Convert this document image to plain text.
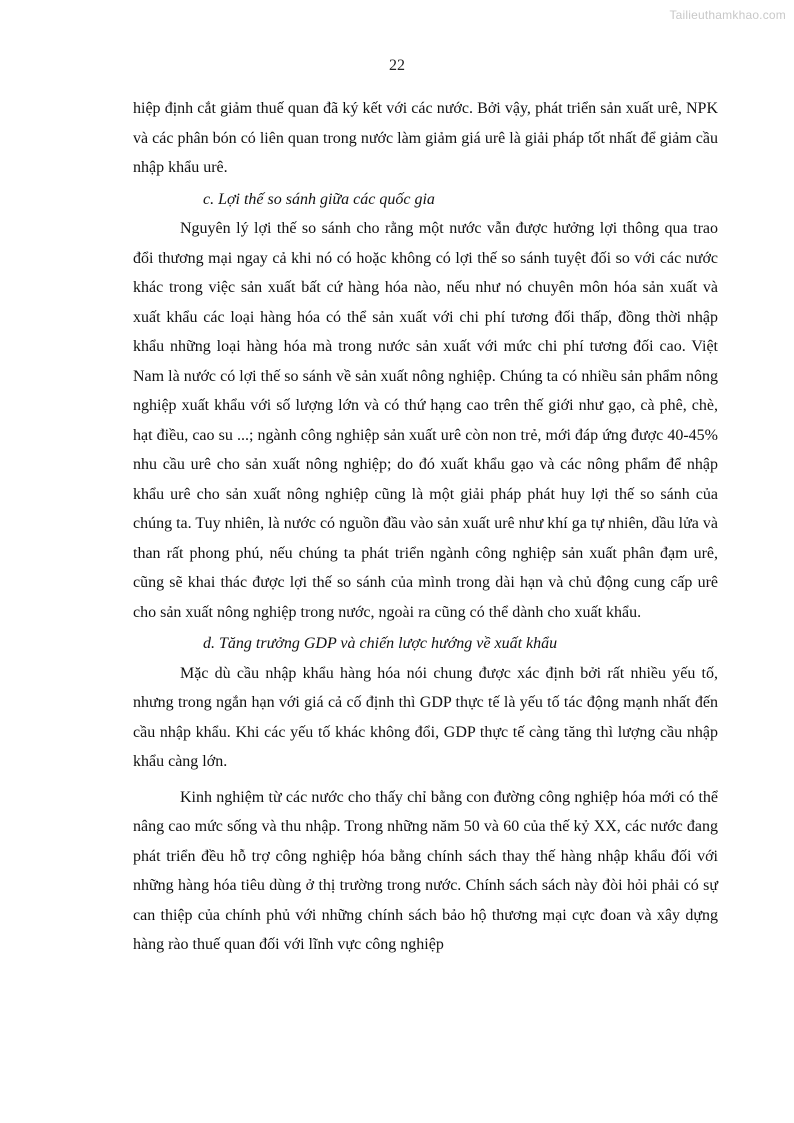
Tailieuthamkhao.com
22

hiệp định cắt giảm thuế quan đã ký kết với các nước. Bởi vậy, phát triển sản xuất urê, NPK và các phân bón có liên quan trong nước làm giảm giá urê là giải pháp tốt nhất để giảm cầu nhập khẩu urê.

c. Lợi thế so sánh giữa các quốc gia

Nguyên lý lợi thế so sánh cho rằng một nước vẫn được hưởng lợi thông qua trao đổi thương mại ngay cả khi nó có hoặc không có lợi thế so sánh tuyệt đối so với các nước khác trong việc sản xuất bất cứ hàng hóa nào, nếu như nó chuyên môn hóa sản xuất và xuất khẩu các loại hàng hóa có thể sản xuất với chi phí tương đối thấp, đồng thời nhập khẩu những loại hàng hóa mà trong nước sản xuất với mức chi phí tương đối cao. Việt Nam là nước có lợi thế so sánh về sản xuất nông nghiệp. Chúng ta có nhiều sản phẩm nông nghiệp xuất khẩu với số lượng lớn và có thứ hạng cao trên thế giới như gạo, cà phê, chè, hạt điều, cao su ...; ngành công nghiệp sản xuất urê còn non trẻ, mới đáp ứng được 40-45% nhu cầu urê cho sản xuất nông nghiệp; do đó xuất khẩu gạo và các nông phẩm để nhập khẩu urê cho sản xuất nông nghiệp cũng là một giải pháp phát huy lợi thế so sánh của chúng ta. Tuy nhiên, là nước có nguồn đầu vào sản xuất urê như khí ga tự nhiên, dầu lửa và than rất phong phú, nếu chúng ta phát triển ngành công nghiệp sản xuất phân đạm urê, cũng sẽ khai thác được lợi thế so sánh của mình trong dài hạn và chủ động cung cấp urê cho sản xuất nông nghiệp trong nước, ngoài ra cũng có thể dành cho xuất khẩu.

d. Tăng trưởng GDP và chiến lược hướng về xuất khẩu

Mặc dù cầu nhập khẩu hàng hóa nói chung được xác định bởi rất nhiều yếu tố, nhưng trong ngắn hạn với giá cả cố định thì GDP thực tế là yếu tố tác động mạnh nhất đến cầu nhập khẩu. Khi các yếu tố khác không đổi, GDP thực tế càng tăng thì lượng cầu nhập khẩu càng lớn.

Kinh nghiệm từ các nước cho thấy chỉ bằng con đường công nghiệp hóa mới có thể nâng cao mức sống và thu nhập. Trong những năm 50 và 60 của thế kỷ XX, các nước đang phát triển đều hỗ trợ công nghiệp hóa bằng chính sách thay thế hàng nhập khẩu đối với những hàng hóa tiêu dùng ở thị trường trong nước. Chính sách sách này đòi hỏi phải có sự can thiệp của chính phủ với những chính sách bảo hộ thương mại cực đoan và xây dựng hàng rào thuế quan đối với lĩnh vực công nghiệp
